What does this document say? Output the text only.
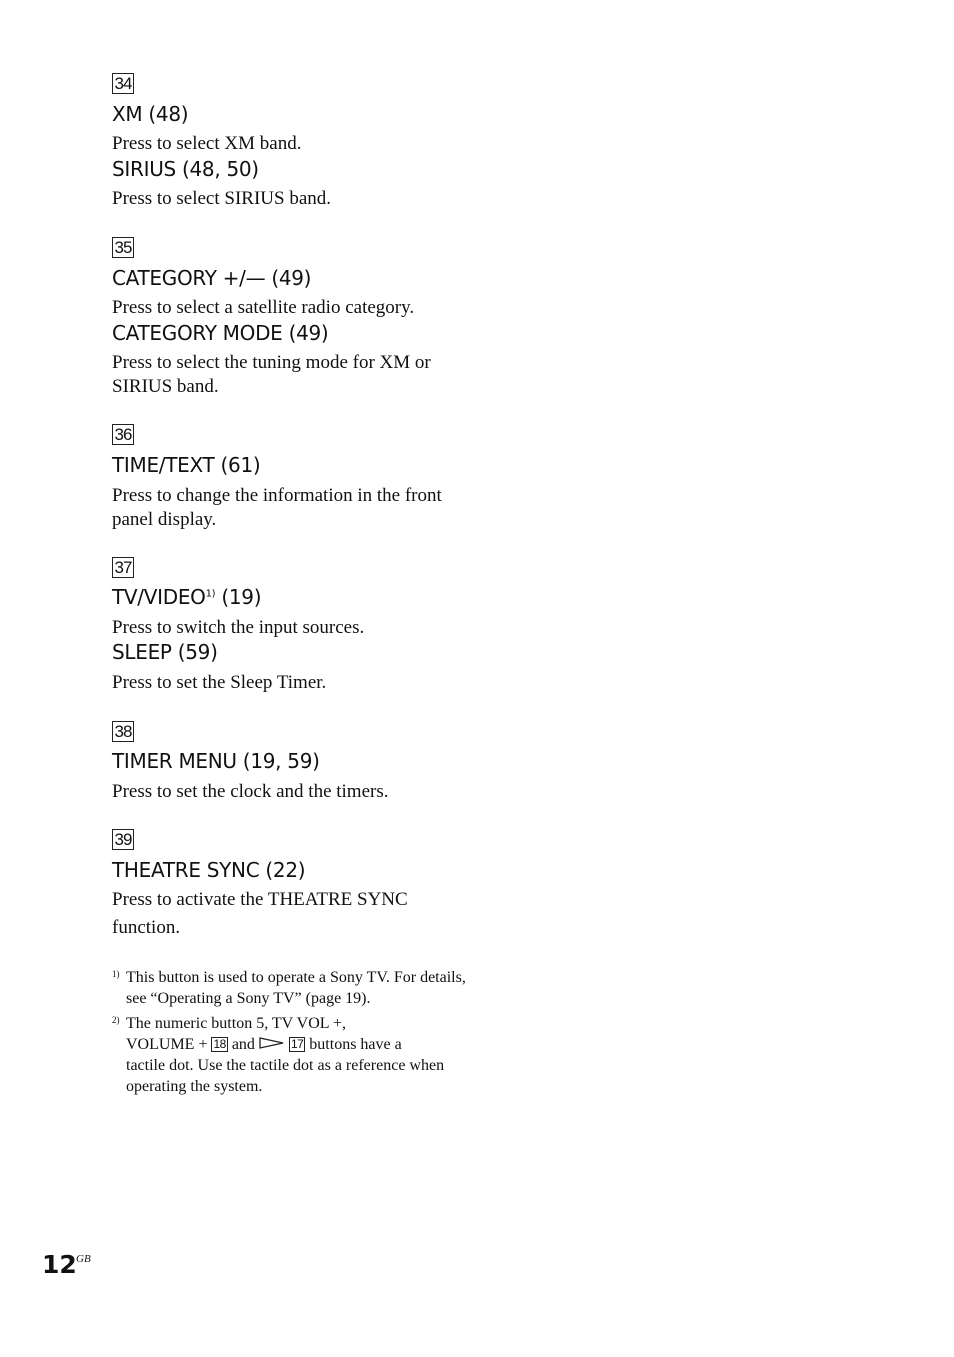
34
XM (48)
Press to select XM band.
SIRIUS (48, 50)
Press to select SIRIUS band.
35
CATEGORY +/— (49)
Press to select a satellite radio category.
CATEGORY MODE (49)
Press to select the tuning mode for XM or SIRIUS band.
36
TIME/TEXT (61)
Press to change the information in the front panel display.
37
TV/VIDEO$^{1)}$ (19)
Press to switch the input sources.
SLEEP (59)
Press to set the Sleep Timer.
38
TIMER MENU (19, 59)
Press to set the clock and the timers.
39
THEATRE SYNC (22)
Press to activate the THEATRE SYNC
function.
1) This button is used to operate a Sony TV. For details, see “Operating a Sony TV” (page 19).
2) The numeric button 5, TV VOL +,
VOLUME + 18 and	17 buttons have a
tactile dot. Use the tactile dot as a reference when operating the system.
12 GB
